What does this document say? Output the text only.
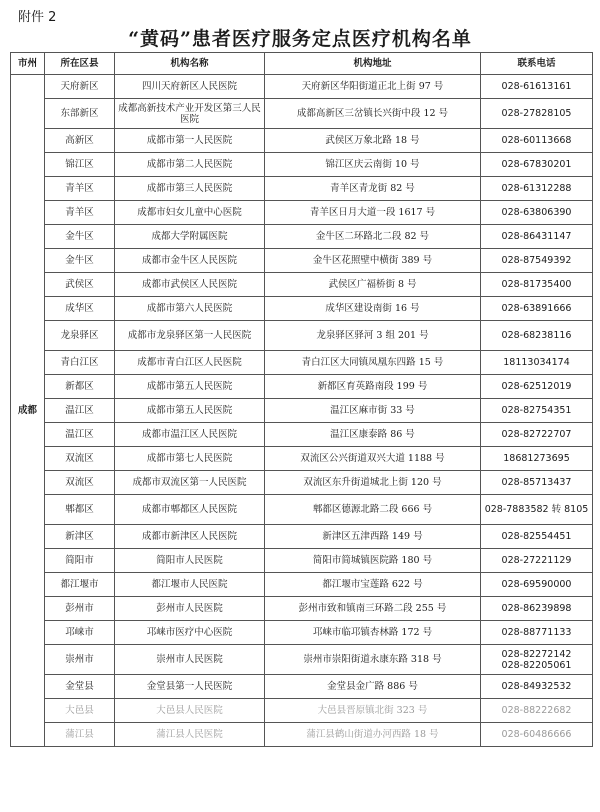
附件 2
“黄码”患者医疗服务定点医疗机构名单
市州	所在区县	机构名称	机构地址	联系电话
成都	天府新区	四川天府新区人民医院	天府新区华阳街道正北上街 97 号	028-61613161
	东部新区	成都高新技术产业开发区第三人民医院	成都高新区三岔镇长兴街中段 12 号	028-27828105
	高新区	成都市第一人民医院	武侯区万象北路 18 号	028-60113668
	锦江区	成都市第二人民医院	锦江区庆云南街 10 号	028-67830201
	青羊区	成都市第三人民医院	青羊区青龙街 82 号	028-61312288
	青羊区	成都市妇女儿童中心医院	青羊区日月大道一段 1617 号	028-63806390
	金牛区	成都大学附属医院	金牛区二环路北二段 82 号	028-86431147
	金牛区	成都市金牛区人民医院	金牛区花照壁中横街 389 号	028-87549392
	武侯区	成都市武侯区人民医院	武侯区广福桥街 8 号	028-81735400
	成华区	成都市第六人民医院	成华区建设南街 16 号	028-63891666
	龙泉驿区	成都市龙泉驿区第一人民医院	龙泉驿区驿河 3 组 201 号	028-68238116
	青白江区	成都市青白江区人民医院	青白江区大同镇凤凰东四路 15 号	18113034174
	新都区	成都市第五人民医院	新都区育英路南段 199 号	028-62512019
	温江区	成都市第五人民医院	温江区麻市街 33 号	028-82754351
	温江区	成都市温江区人民医院	温江区康泰路 86 号	028-82722707
	双流区	成都市第七人民医院	双流区公兴街道双兴大道 1188 号	18681273695
	双流区	成都市双流区第一人民医院	双流区东升街道城北上街 120 号	028-85713437
	郫都区	成都市郫都区人民医院	郫都区德源北路二段 666 号	028-7883582 转 8105
	新津区	成都市新津区人民医院	新津区五津西路 149 号	028-82554451
	简阳市	简阳市人民医院	简阳市简城镇医院路 180 号	028-27221129
	都江堰市	都江堰市人民医院	都江堰市宝莲路 622 号	028-69590000
	彭州市	彭州市人民医院	彭州市致和镇南三环路二段 255 号	028-86239898
	邛崃市	邛崃市医疗中心医院	邛崃市临邛镇杏林路 172 号	028-88771133
	崇州市	崇州市人民医院	崇州市崇阳街道永康东路 318 号	028-82272142
028-82205061
	金堂县	金堂县第一人民医院	金堂县金广路 886 号	028-84932532
	大邑县	大邑县人民医院	大邑县晋原镇北街 323 号	028-88222682
	蒲江县	蒲江县人民医院	蒲江县鹤山街道办河西路 18 号	028-60486666
